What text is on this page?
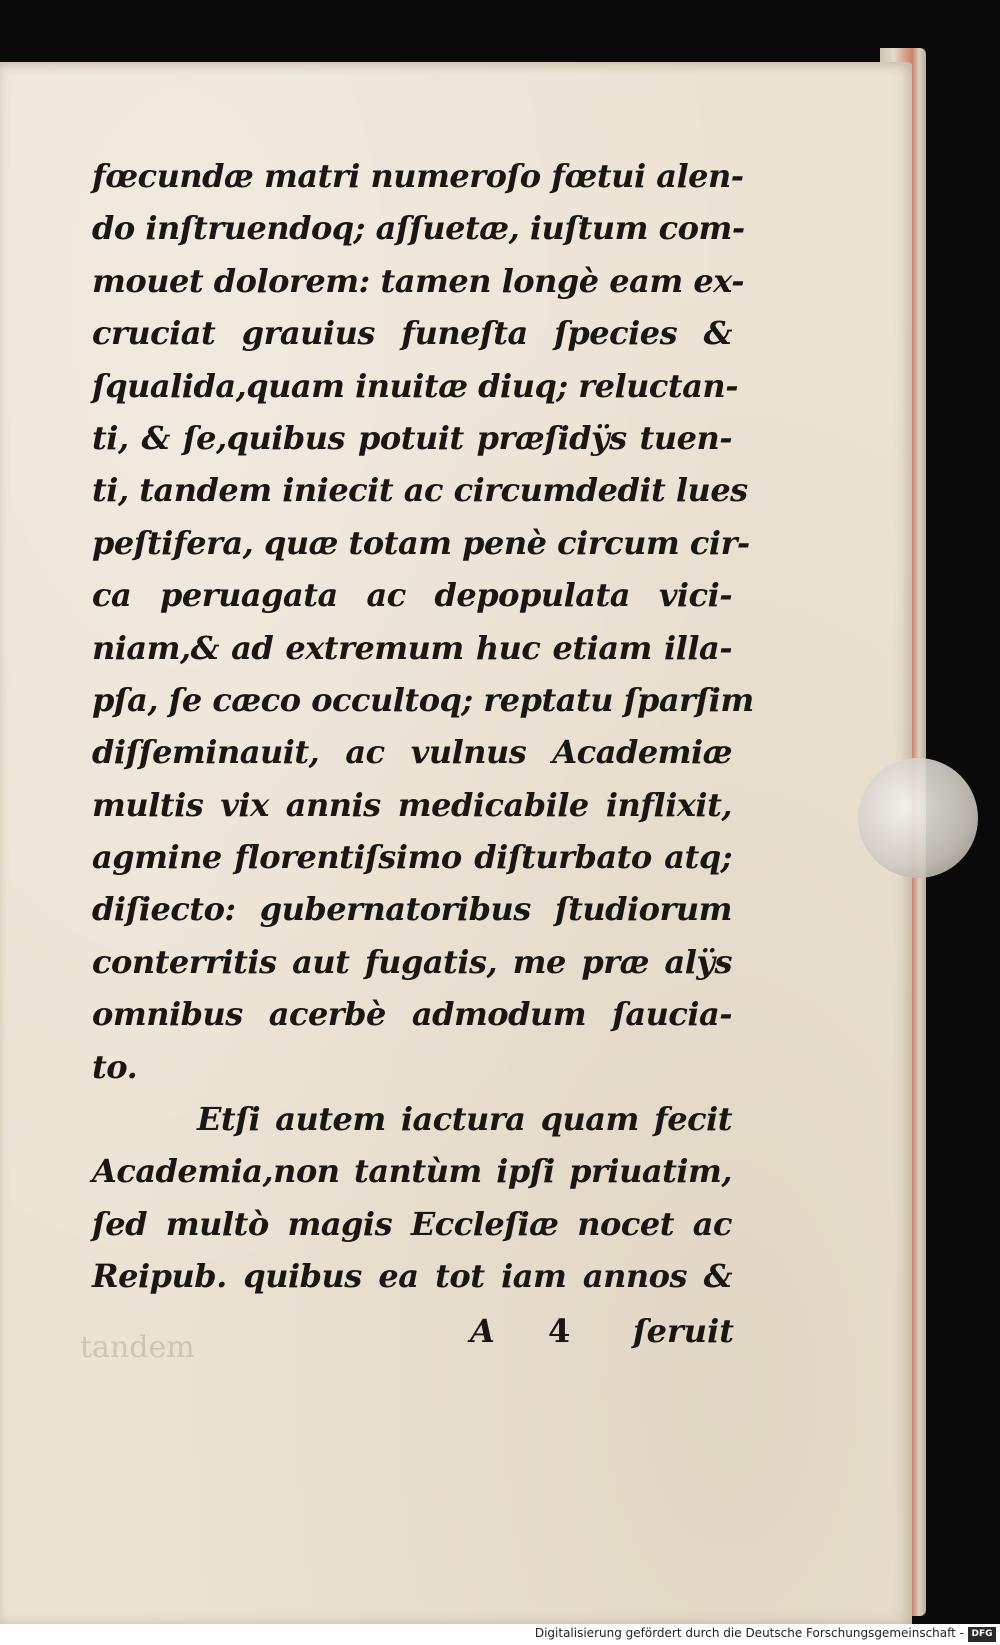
fœcundæ matri numeroſo fœtui alen-
do inſtruendoq; aſſuetæ, iuſtum com-
mouet dolorem: tamen longè eam ex-
cruciat grauius funeſta ſpecies &
ſqualida,quam inuitæ diuq; reluctan-
ti, & ſe,quibus potuit præſidÿs tuen-
ti, tandem iniecit ac circumdedit lues
peſtifera, quæ totam penè circum cir-
ca peruagata ac depopulata vici-
niam,& ad extremum huc etiam illa-
pſa, ſe cæco occultoq; reptatu ſparſim
diſſeminauit, ac vulnus Academiæ
multis vix annis medicabile inflixit,
agmine florentiſsimo diſturbato atq;
diſiecto: gubernatoribus ſtudiorum
conterritis aut fugatis, me præ alÿs
omnibus acerbè admodum ſaucia-
to.
Etſi autem iactura quam fecit
Academia,non tantùm ipſi priuatim,
ſed multò magis Eccleſiæ nocet ac
Reipub. quibus ea tot iam annos &
tandem	A 4 ſeruit
Digitalisierung gefördert durch die Deutsche Forschungsgemeinschaft - DFG
